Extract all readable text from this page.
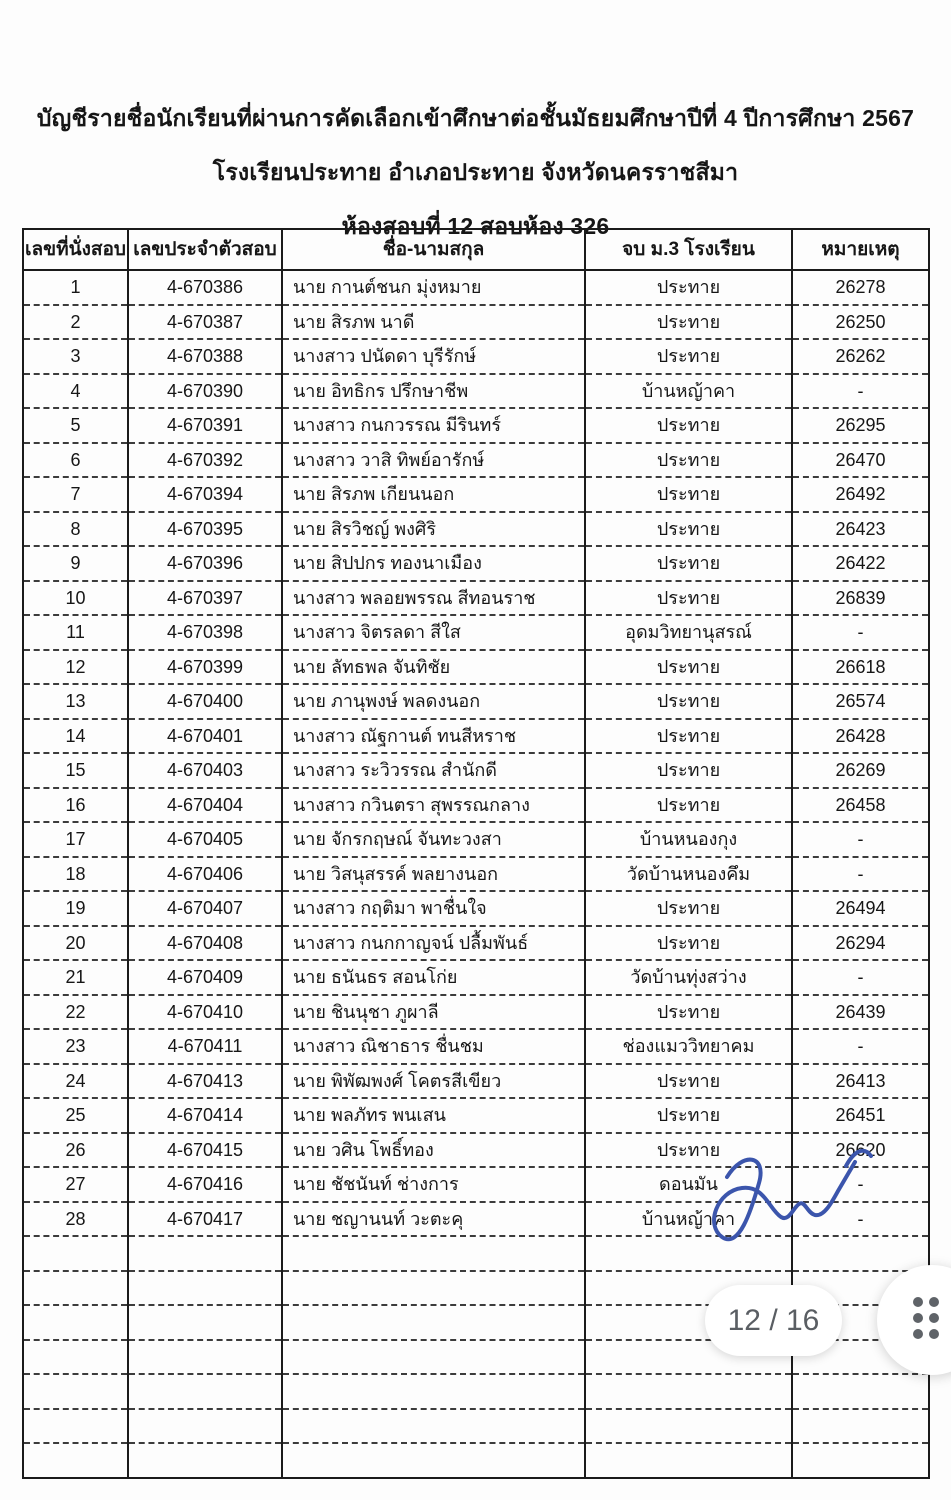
บัญชีรายชื่อนักเรียนที่ผ่านการคัดเลือกเข้าศึกษาต่อชั้นมัธยมศึกษาปีที่ 4 ปีการศึกษา 2567
โรงเรียนประทาย อำเภอประทาย จังหวัดนครราชสีมา
ห้องสอบที่ 12 สอบห้อง 326
เลขที่นั่งสอบ	เลขประจำตัวสอบ	ชื่อ-นามสกุล	จบ ม.3 โรงเรียน	หมายเหตุ
1	4-670386	นาย กานต์ชนก มุ่งหมาย	ประทาย	26278
2	4-670387	นาย สิรภพ นาดี	ประทาย	26250
3	4-670388	นางสาว ปนัดดา บุรีรักษ์	ประทาย	26262
4	4-670390	นาย อิทธิกร ปรึกษาชีพ	บ้านหญ้าคา	-
5	4-670391	นางสาว กนกวรรณ มีรินทร์	ประทาย	26295
6	4-670392	นางสาว วาสิ ทิพย์อารักษ์	ประทาย	26470
7	4-670394	นาย สิรภพ เกียนนอก	ประทาย	26492
8	4-670395	นาย สิรวิชญ์ พงศิริ	ประทาย	26423
9	4-670396	นาย สิปปกร ทองนาเมือง	ประทาย	26422
10	4-670397	นางสาว พลอยพรรณ สีทอนราช	ประทาย	26839
11	4-670398	นางสาว จิตรลดา สีใส	อุดมวิทยานุสรณ์	-
12	4-670399	นาย ลัทธพล จันทิชัย	ประทาย	26618
13	4-670400	นาย ภานุพงษ์ พลดงนอก	ประทาย	26574
14	4-670401	นางสาว ณัฐกานต์ ทนสีหราช	ประทาย	26428
15	4-670403	นางสาว ระวิวรรณ สำนักดี	ประทาย	26269
16	4-670404	นางสาว กวินตรา สุพรรณกลาง	ประทาย	26458
17	4-670405	นาย จักรกฤษณ์ จันทะวงสา	บ้านหนองกุง	-
18	4-670406	นาย วิสนุสรรค์ พลยางนอก	วัดบ้านหนองคึม	-
19	4-670407	นางสาว กฤติมา พาชื่นใจ	ประทาย	26494
20	4-670408	นางสาว กนกกาญจน์ ปลื้มพันธ์	ประทาย	26294
21	4-670409	นาย ธนันธร สอนโก่ย	วัดบ้านทุ่งสว่าง	-
22	4-670410	นาย ชินนุชา ภูผาลี	ประทาย	26439
23	4-670411	นางสาว ณิชาธาร ชื่นชม	ช่องแมววิทยาคม	-
24	4-670413	นาย พิพัฒพงศ์ โคตรสีเขียว	ประทาย	26413
25	4-670414	นาย พลภัทร พนเสน	ประทาย	26451
26	4-670415	นาย วศิน โพธิ์ทอง	ประทาย	26620
27	4-670416	นาย ชัชนันท์ ช่างการ	ดอนมัน	-
28	4-670417	นาย ชญานนท์ วะตะคุ	บ้านหญ้าคา	-

12 / 16
